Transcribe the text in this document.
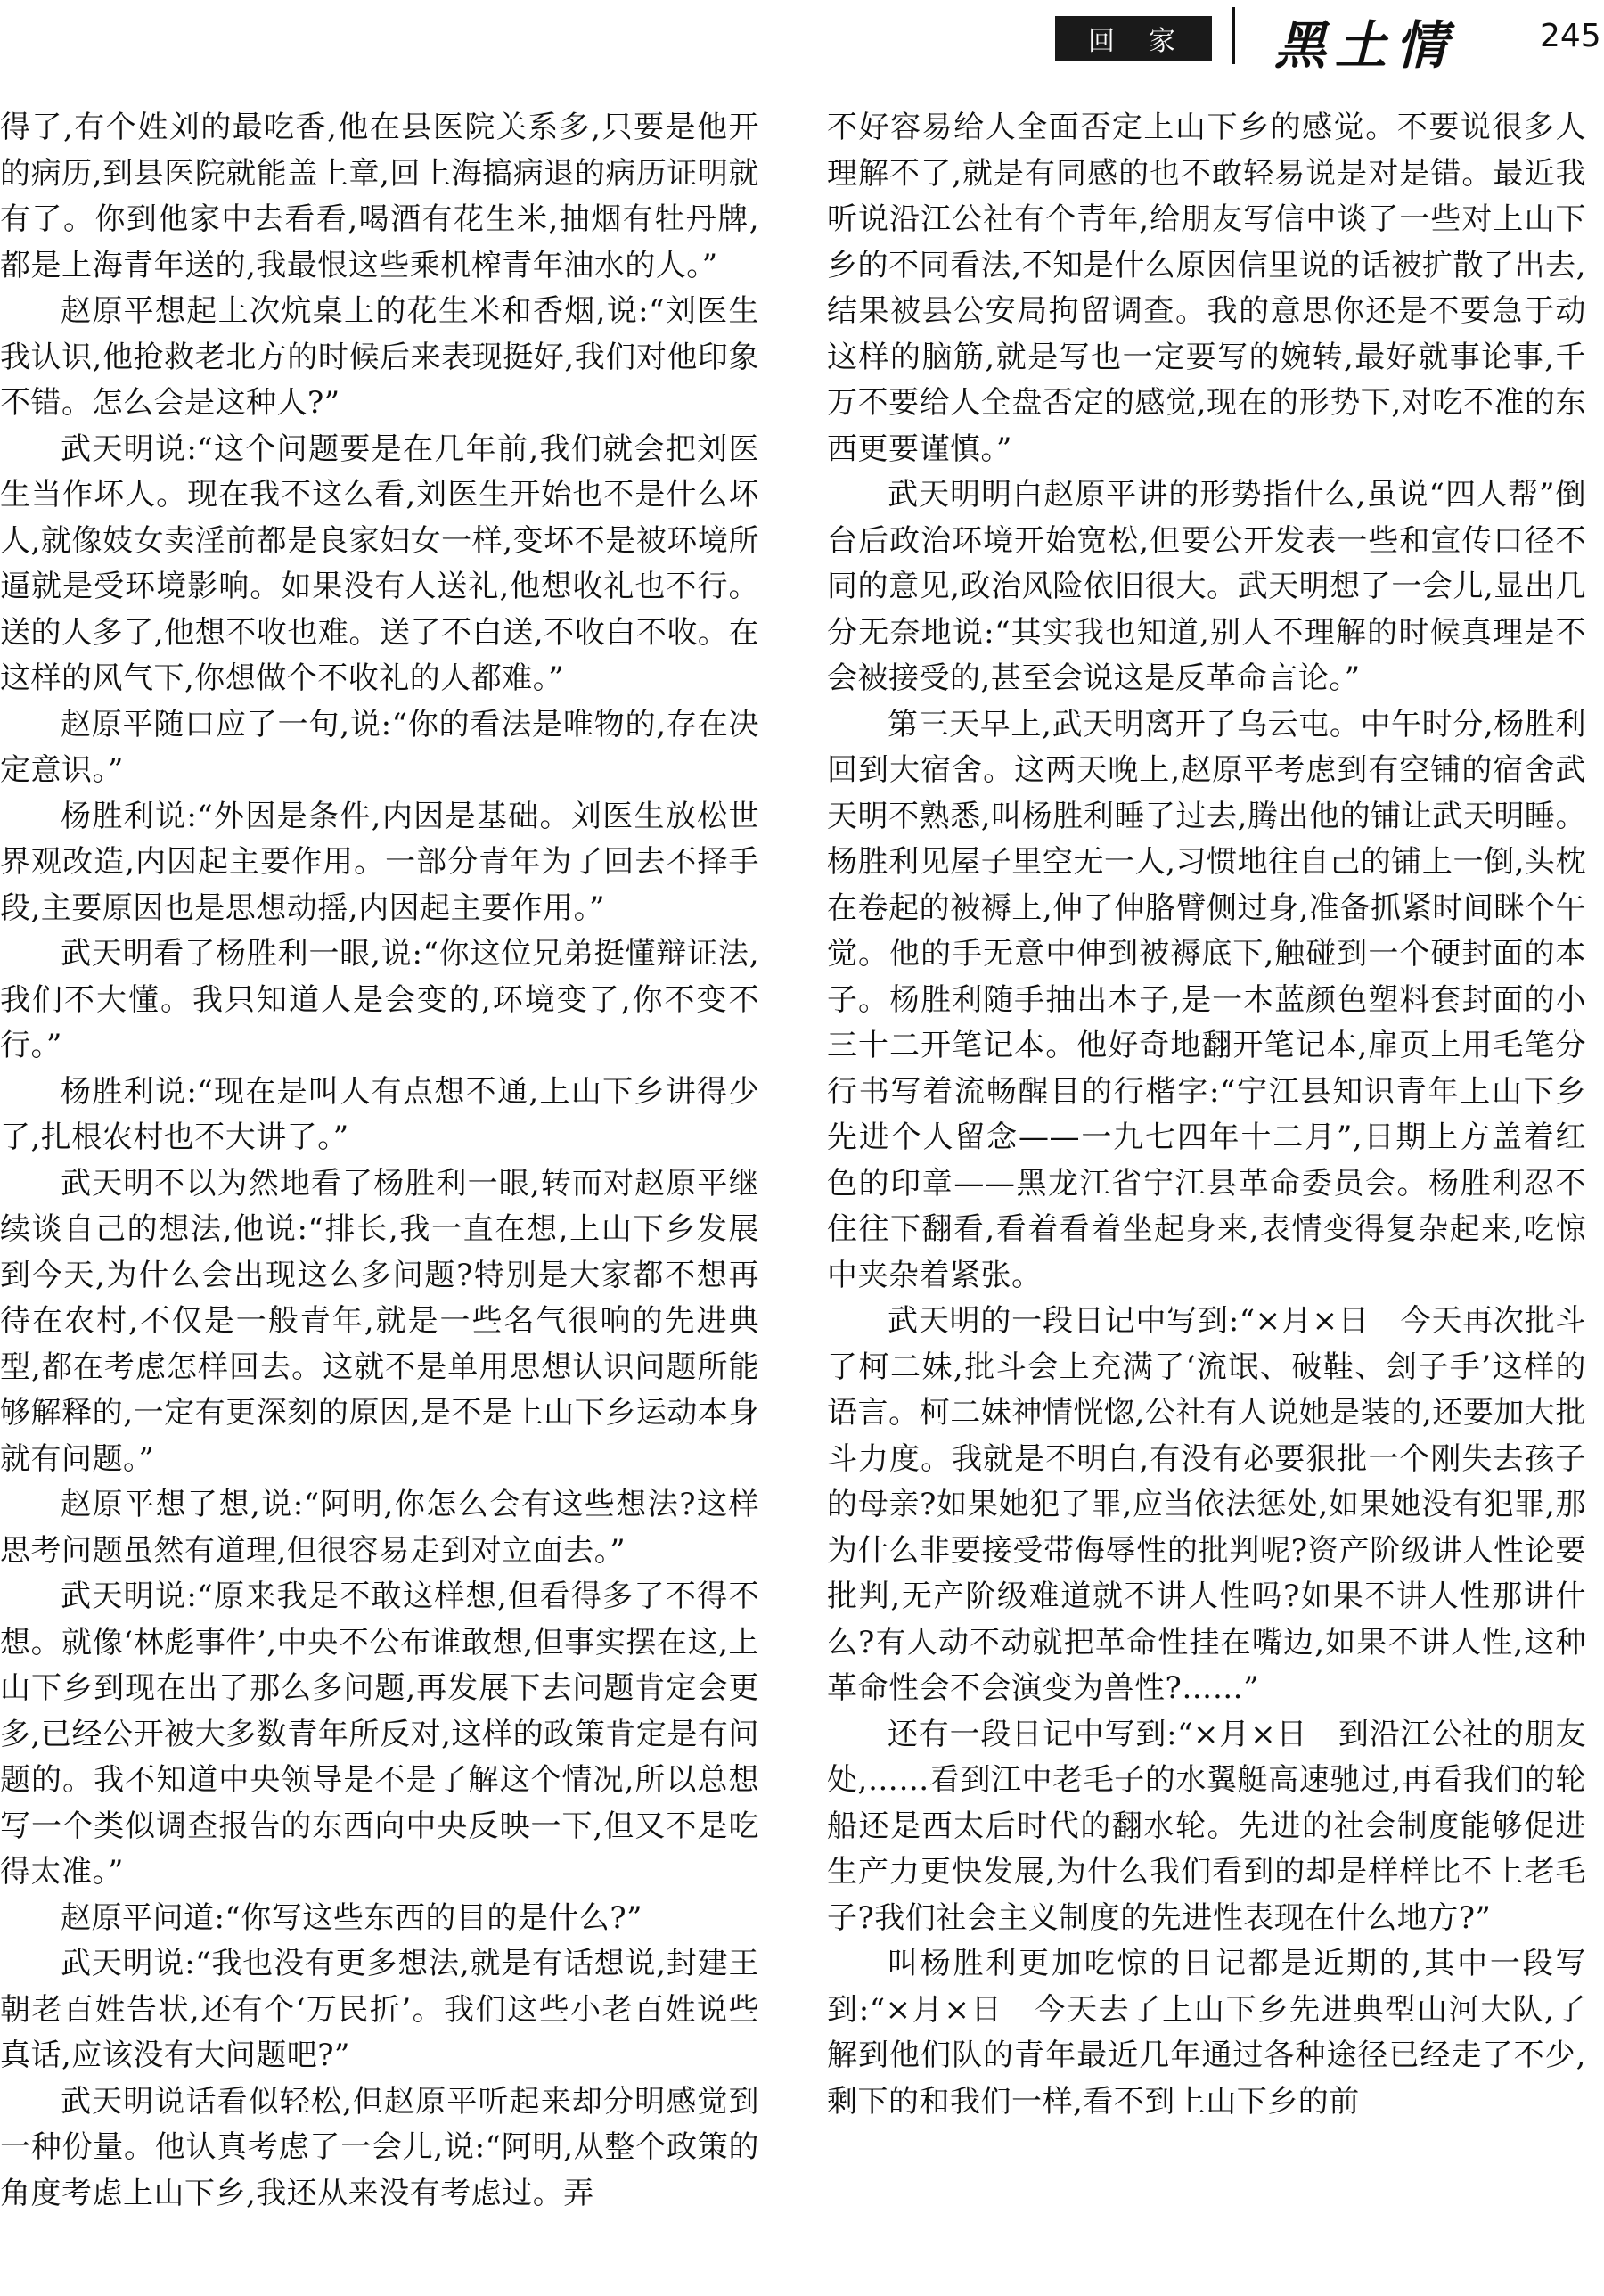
回　家	黑土情	245

得了,有个姓刘的最吃香,他在县医院关系多,只要是他开的病历,到县医院就能盖上章,回上海搞病退的病历证明就有了。你到他家中去看看,喝酒有花生米,抽烟有牡丹牌,都是上海青年送的,我最恨这些乘机榨青年油水的人。”

赵原平想起上次炕桌上的花生米和香烟,说:“刘医生我认识,他抢救老北方的时候后来表现挺好,我们对他印象不错。怎么会是这种人?”

武天明说:“这个问题要是在几年前,我们就会把刘医生当作坏人。现在我不这么看,刘医生开始也不是什么坏人,就像妓女卖淫前都是良家妇女一样,变坏不是被环境所逼就是受环境影响。如果没有人送礼,他想收礼也不行。送的人多了,他想不收也难。送了不白送,不收白不收。在这样的风气下,你想做个不收礼的人都难。”

赵原平随口应了一句,说:“你的看法是唯物的,存在决定意识。”

杨胜利说:“外因是条件,内因是基础。刘医生放松世界观改造,内因起主要作用。一部分青年为了回去不择手段,主要原因也是思想动摇,内因起主要作用。”

武天明看了杨胜利一眼,说:“你这位兄弟挺懂辩证法,我们不大懂。我只知道人是会变的,环境变了,你不变不行。”

杨胜利说:“现在是叫人有点想不通,上山下乡讲得少了,扎根农村也不大讲了。”

武天明不以为然地看了杨胜利一眼,转而对赵原平继续谈自己的想法,他说:“排长,我一直在想,上山下乡发展到今天,为什么会出现这么多问题?特别是大家都不想再待在农村,不仅是一般青年,就是一些名气很响的先进典型,都在考虑怎样回去。这就不是单用思想认识问题所能够解释的,一定有更深刻的原因,是不是上山下乡运动本身就有问题。”

赵原平想了想,说:“阿明,你怎么会有这些想法?这样思考问题虽然有道理,但很容易走到对立面去。”

武天明说:“原来我是不敢这样想,但看得多了不得不想。就像‘林彪事件’,中央不公布谁敢想,但事实摆在这,上山下乡到现在出了那么多问题,再发展下去问题肯定会更多,已经公开被大多数青年所反对,这样的政策肯定是有问题的。我不知道中央领导是不是了解这个情况,所以总想写一个类似调查报告的东西向中央反映一下,但又不是吃得太准。”

赵原平问道:“你写这些东西的目的是什么?”

武天明说:“我也没有更多想法,就是有话想说,封建王朝老百姓告状,还有个‘万民折’。我们这些小老百姓说些真话,应该没有大问题吧?”

武天明说话看似轻松,但赵原平听起来却分明感觉到一种份量。他认真考虑了一会儿,说:“阿明,从整个政策的角度考虑上山下乡,我还从来没有考虑过。弄

不好容易给人全面否定上山下乡的感觉。不要说很多人理解不了,就是有同感的也不敢轻易说是对是错。最近我听说沿江公社有个青年,给朋友写信中谈了一些对上山下乡的不同看法,不知是什么原因信里说的话被扩散了出去,结果被县公安局拘留调查。我的意思你还是不要急于动这样的脑筋,就是写也一定要写的婉转,最好就事论事,千万不要给人全盘否定的感觉,现在的形势下,对吃不准的东西更要谨慎。”

武天明明白赵原平讲的形势指什么,虽说“四人帮”倒台后政治环境开始宽松,但要公开发表一些和宣传口径不同的意见,政治风险依旧很大。武天明想了一会儿,显出几分无奈地说:“其实我也知道,别人不理解的时候真理是不会被接受的,甚至会说这是反革命言论。”

第三天早上,武天明离开了乌云屯。中午时分,杨胜利回到大宿舍。这两天晚上,赵原平考虑到有空铺的宿舍武天明不熟悉,叫杨胜利睡了过去,腾出他的铺让武天明睡。杨胜利见屋子里空无一人,习惯地往自己的铺上一倒,头枕在卷起的被褥上,伸了伸胳臂侧过身,准备抓紧时间眯个午觉。他的手无意中伸到被褥底下,触碰到一个硬封面的本子。杨胜利随手抽出本子,是一本蓝颜色塑料套封面的小三十二开笔记本。他好奇地翻开笔记本,扉页上用毛笔分行书写着流畅醒目的行楷字:“宁江县知识青年上山下乡先进个人留念——一九七四年十二月”,日期上方盖着红色的印章——黑龙江省宁江县革命委员会。杨胜利忍不住往下翻看,看着看着坐起身来,表情变得复杂起来,吃惊中夹杂着紧张。

武天明的一段日记中写到:“×月×日　今天再次批斗了柯二妹,批斗会上充满了‘流氓、破鞋、刽子手’这样的语言。柯二妹神情恍惚,公社有人说她是装的,还要加大批斗力度。我就是不明白,有没有必要狠批一个刚失去孩子的母亲?如果她犯了罪,应当依法惩处,如果她没有犯罪,那为什么非要接受带侮辱性的批判呢?资产阶级讲人性论要批判,无产阶级难道就不讲人性吗?如果不讲人性那讲什么?有人动不动就把革命性挂在嘴边,如果不讲人性,这种革命性会不会演变为兽性?……”

还有一段日记中写到:“×月×日　到沿江公社的朋友处,……看到江中老毛子的水翼艇高速驰过,再看我们的轮船还是西太后时代的翻水轮。先进的社会制度能够促进生产力更快发展,为什么我们看到的却是样样比不上老毛子?我们社会主义制度的先进性表现在什么地方?”

叫杨胜利更加吃惊的日记都是近期的,其中一段写到:“×月×日　今天去了上山下乡先进典型山河大队,了解到他们队的青年最近几年通过各种途径已经走了不少,剩下的和我们一样,看不到上山下乡的前
